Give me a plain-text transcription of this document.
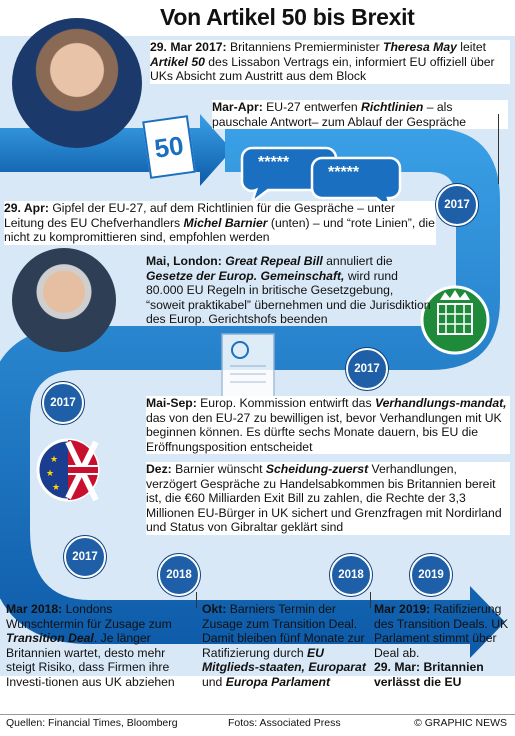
★
★
★
50	*****
*****
Von Artikel 50 bis Brexit
29. Mar 2017: Britanniens Premierminister Theresa May leitet Artikel 50 des Lissabon Vertrags ein, informiert EU offiziell über UKs Absicht zum Austritt aus dem Block
Mar-Apr: EU-27 entwerfen Richtlinien – als pauschale Antwort– zum Ablauf der Gespräche
29. Apr: Gipfel der EU-27, auf dem Richtlinien für die Gespräche – unter Leitung des EU Chefverhandlers Michel Barnier (unten) – und “rote Linien”, die nicht zu kompromittieren sind, empfohlen werden
Mai, London: Great Repeal Bill annuliert die Gesetze der Europ. Gemeinschaft, wird rund 80.000 EU Regeln in britische Gesetzgebung, “soweit praktikabel” übernehmen und die Jurisdiktion des Europ. Gerichtshofs beenden
Mai-Sep: Europ. Kommission entwirft das Verhandlungs-mandat, das von den EU-27 zu bewilligen ist, bevor Verhandlungen mit UK beginnen können. Es dürfte sechs Monate dauern, bis EU die Eröffnungsposition entscheidet
Dez: Barnier wünscht Scheidung-zuerst Verhandlungen, verzögert Gespräche zu Handelsabkommen bis Britannien bereit ist, die €60 Milliarden Exit Bill zu zahlen, die Rechte der 3,3 Millionen EU-Bürger in UK sichert und Grenzfragen mit Nordirland und Status von Gibraltar geklärt sind
Mar 2018: Londons Wunschtermin für Zusage zum Transition Deal. Je länger Britannien wartet, desto mehr steigt Risiko, dass Firmen ihre Investi-tionen aus UK abziehen
Okt: Barniers Termin der Zusage zum Transition Deal. Damit bleiben fünf Monate zur Ratifizierung durch EU Mitglieds-staaten, Europarat und Europa Parlament
Mar 2019: Ratifizierung des Transition Deals. UK Parlament stimmt über Deal ab.
29. Mar: Britannien verlässt die EU
2017
2017
2017
2017
2018	2018	2019
Quellen: Financial Times, Bloomberg	Fotos: Associated Press	© GRAPHIC NEWS
